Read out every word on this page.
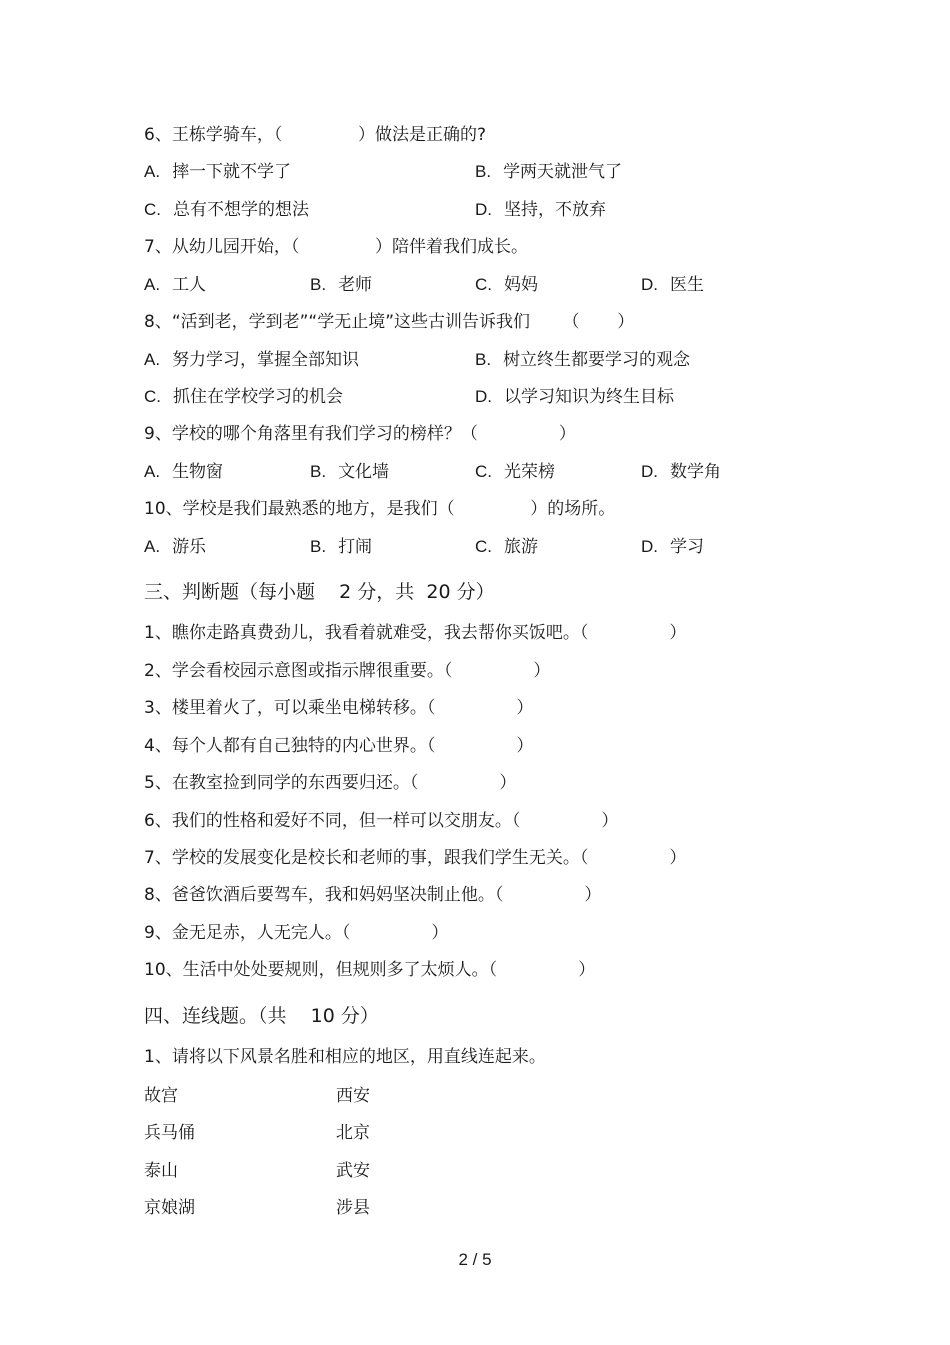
6、王栋学骑车，（              ）做法是正确的?
A. 摔一下就不学了	B. 学两天就泄气了
C. 总有不想学的想法	D. 坚持，不放弃
7、从幼儿园开始，（              ）陪伴着我们成长。
A. 工人	B. 老师	C. 妈妈	D. 医生
8、“活到老，学到老”“学无止境”这些古训告诉我们      （       ）
A. 努力学习，掌握全部知识	B. 树立终生都要学习的观念
C. 抓住在学校学习的机会	D. 以学习知识为终生目标
9、学校的哪个角落里有我们学习的榜样？（               ）
A. 生物窗	B. 文化墙	C. 光荣榜	D. 数学角
10、学校是我们最熟悉的地方，是我们（              ）的场所。
A. 游乐	B. 打闹	C. 旅游	D. 学习
三、判断题（每小题    2 分，共  20 分）
1、瞧你走路真费劲儿，我看着就难受，我去帮你买饭吧。（               ）
2、学会看校园示意图或指示牌很重要。（               ）
3、楼里着火了，可以乘坐电梯转移。（               ）
4、每个人都有自己独特的内心世界。（               ）
5、在教室捡到同学的东西要归还。（               ）
6、我们的性格和爱好不同，但一样可以交朋友。（               ）
7、学校的发展变化是校长和老师的事，跟我们学生无关。（               ）
8、爸爸饮酒后要驾车，我和妈妈坚决制止他。（               ）
9、金无足赤，人无完人。（               ）
10、生活中处处要规则，但规则多了太烦人。（               ）
四、连线题。（共    10 分）
1、请将以下风景名胜和相应的地区，用直线连起来。
故宫	西安
兵马俑	北京
泰山	武安
京娘湖	涉县
2 / 5
